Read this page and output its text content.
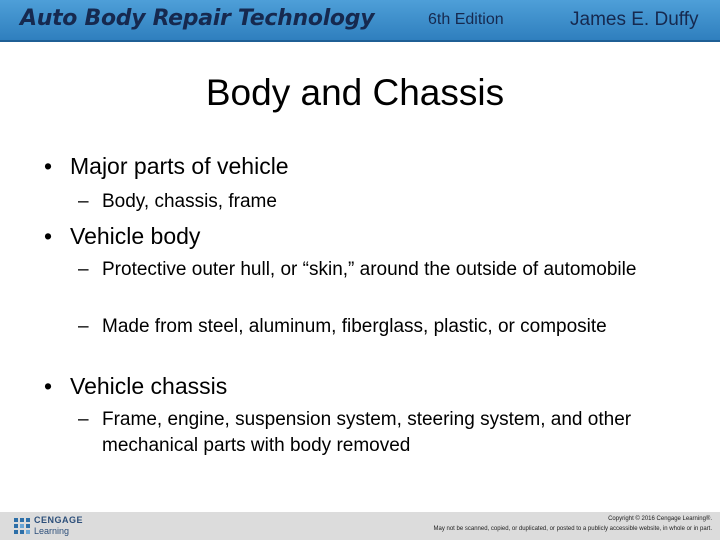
Auto Body Repair Technology	6th Edition	James E. Duffy
Body and Chassis
• Major parts of vehicle
– Body, chassis, frame
• Vehicle body
– Protective outer hull, or “skin,” around the outside of automobile
– Made from steel, aluminum, fiberglass, plastic, or composite
• Vehicle chassis
– Frame, engine, suspension system, steering system, and other mechanical parts with body removed
CENGAGE
Learning
Copyright © 2016 Cengage Learning®.
May not be scanned, copied, or duplicated, or posted to a publicly accessible website, in whole or in part.
